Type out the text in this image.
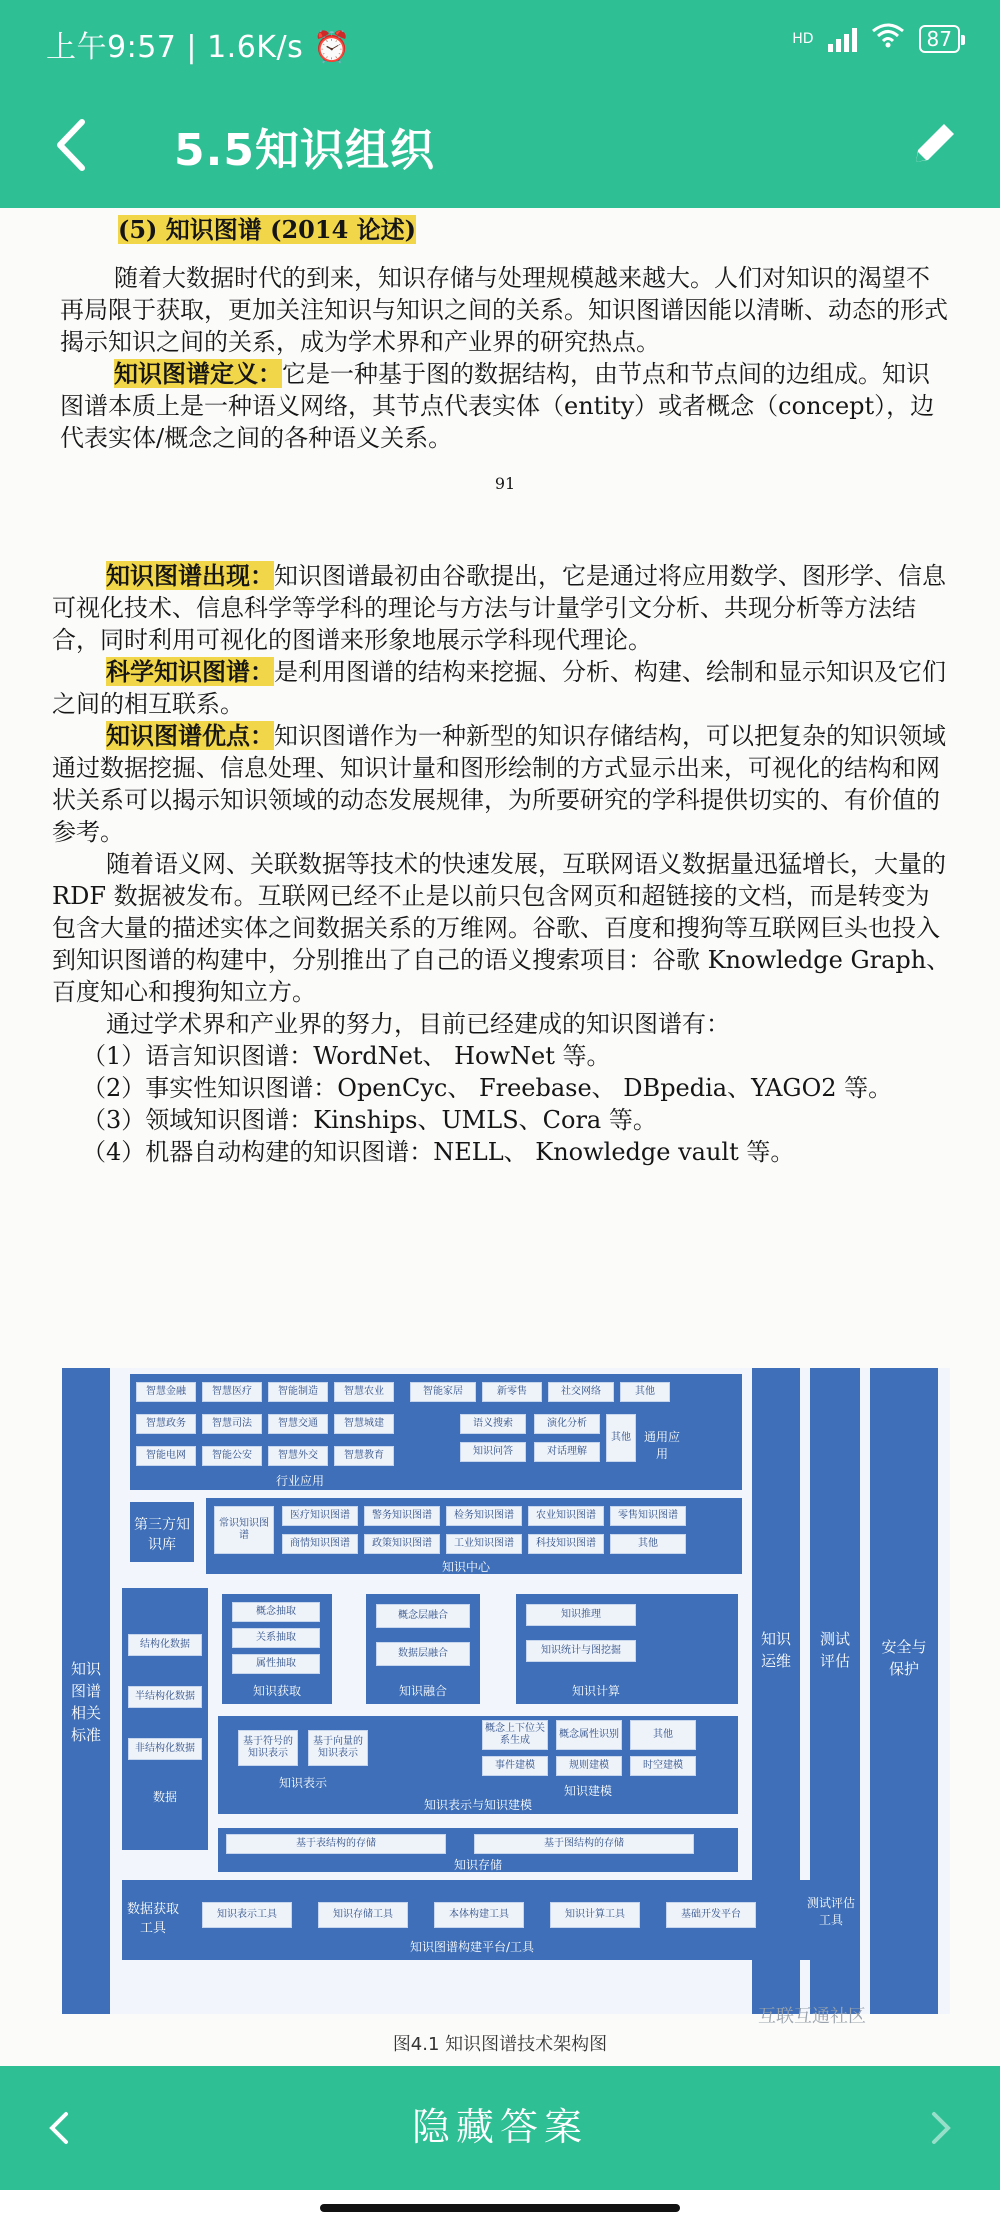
上午9:57 | 1.6K/s ⏰	HD	87
5.5知识组织

(5) 知识图谱 (2014 论述)

随着大数据时代的到来，知识存储与处理规模越来越大。人们对知识的渴望不再局限于获取，更加关注知识与知识之间的关系。知识图谱因能以清晰、动态的形式揭示知识之间的关系，成为学术界和产业界的研究热点。

知识图谱定义：它是一种基于图的数据结构，由节点和节点间的边组成。知识图谱本质上是一种语义网络，其节点代表实体（entity）或者概念（concept），边代表实体/概念之间的各种语义关系。

91

知识图谱出现：知识图谱最初由谷歌提出，它是通过将应用数学、图形学、信息可视化技术、信息科学等学科的理论与方法与计量学引文分析、共现分析等方法结合，同时利用可视化的图谱来形象地展示学科现代理论。

科学知识图谱：是利用图谱的结构来挖掘、分析、构建、绘制和显示知识及它们之间的相互联系。

知识图谱优点：知识图谱作为一种新型的知识存储结构，可以把复杂的知识领域通过数据挖掘、信息处理、知识计量和图形绘制的方式显示出来，可视化的结构和网状关系可以揭示知识领域的动态发展规律，为所要研究的学科提供切实的、有价值的参考。

随着语义网、关联数据等技术的快速发展，互联网语义数据量迅猛增长，大量的 RDF 数据被发布。互联网已经不止是以前只包含网页和超链接的文档，而是转变为包含大量的描述实体之间数据关系的万维网。谷歌、百度和搜狗等互联网巨头也投入到知识图谱的构建中，分别推出了自己的语义搜索项目：谷歌 Knowledge Graph、百度知心和搜狗知立方。

通过学术界和产业界的努力，目前已经建成的知识图谱有：

（1）语言知识图谱：WordNet、 HowNet 等。

（2）事实性知识图谱：OpenCyc、 Freebase、 DBpedia、YAGO2 等。

（3）领域知识图谱：Kinships、UMLS、Cora 等。

（4）机器自动构建的知识图谱：NELL、 Knowledge vault 等。

知识图谱相关标准
知识运维
测试评估
安全与保护
智慧金融	智慧医疗	智能制造	智慧农业	智能家居	新零售	社交网络	其他
智慧政务	智慧司法	智慧交通	智慧城建
智能电网	智能公安	智慧外交	智慧教育
行业应用
语义搜索	演化分析
知识问答	对话理解
其他	通用应用
第三方知识库
常识知识图谱
医疗知识图谱	警务知识图谱	检务知识图谱	农业知识图谱	零售知识图谱
商情知识图谱	政策知识图谱	工业知识图谱	科技知识图谱	其他
知识中心
结构化数据
半结构化数据
非结构化数据
数据
概念抽取
关系抽取
属性抽取
知识获取
概念层融合
数据层融合
知识融合
知识推理
知识统计与图挖掘
知识计算
基于符号的知识表示
基于向量的知识表示
知识表示
概念上下位关系生成
概念属性识别	其他
事件建模	规则建模	时空建模
知识建模
知识表示与知识建模
基于表结构的存储	基于图结构的存储
知识存储
数据获取工具
知识表示工具	知识存储工具	本体构建工具	知识计算工具	基础开发平台
测试评估工具
知识图谱构建平台/工具
互联互通社区
图4.1 知识图谱技术架构图
隐藏答案
